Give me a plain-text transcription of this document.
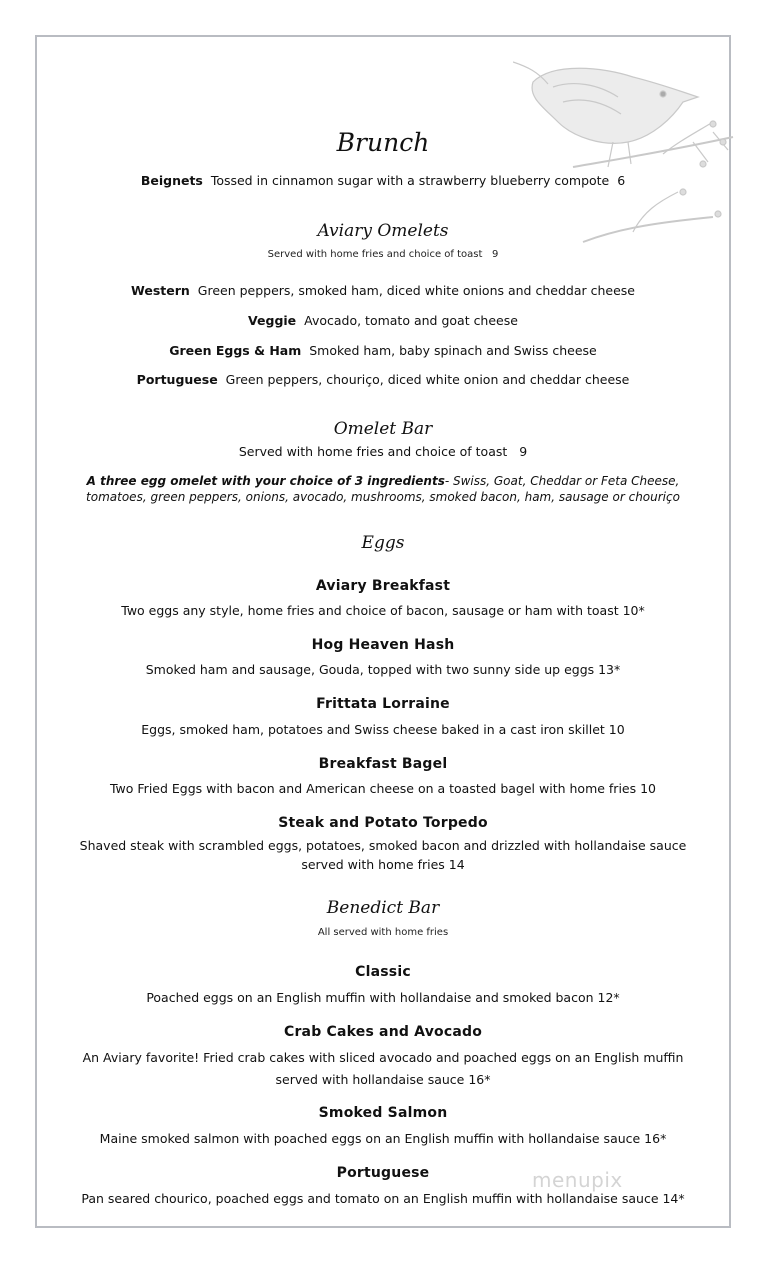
Brunch
Beignets Tossed in cinnamon sugar with a strawberry blueberry compote 6
Aviary Omelets
Served with home fries and choice of toast 9
Western Green peppers, smoked ham, diced white onions and cheddar cheese
Veggie Avocado, tomato and goat cheese
Green Eggs & Ham Smoked ham, baby spinach and Swiss cheese
Portuguese Green peppers, chouriço, diced white onion and cheddar cheese
Omelet Bar
Served with home fries and choice of toast 9
A three egg omelet with your choice of 3 ingredients- Swiss, Goat, Cheddar or Feta Cheese,
tomatoes, green peppers, onions, avocado, mushrooms, smoked bacon, ham, sausage or chouriço
Eggs
Aviary Breakfast
Two eggs any style, home fries and choice of bacon, sausage or ham with toast 10*
Hog Heaven Hash
Smoked ham and sausage, Gouda, topped with two sunny side up eggs 13*
Frittata Lorraine
Eggs, smoked ham, potatoes and Swiss cheese baked in a cast iron skillet 10
Breakfast Bagel
Two Fried Eggs with bacon and American cheese on a toasted bagel with home fries 10
Steak and Potato Torpedo
Shaved steak with scrambled eggs, potatoes, smoked bacon and drizzled with hollandaise sauce
served with home fries 14
Benedict Bar
All served with home fries
Classic
Poached eggs on an English muffin with hollandaise and smoked bacon 12*
Crab Cakes and Avocado
An Aviary favorite! Fried crab cakes with sliced avocado and poached eggs on an English muffin
served with hollandaise sauce 16*
Smoked Salmon
Maine smoked salmon with poached eggs on an English muffin with hollandaise sauce 16*
Portuguese
Pan seared chourico, poached eggs and tomato on an English muffin with hollandaise sauce 14*
menupix
